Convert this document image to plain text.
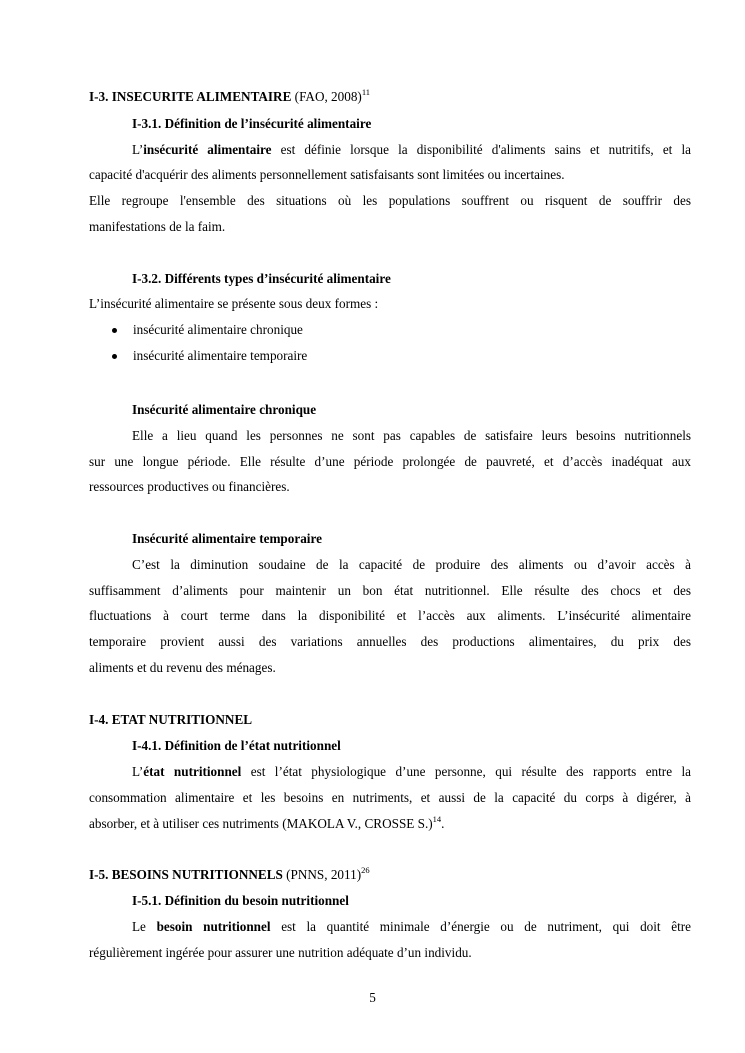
I-3. INSECURITE ALIMENTAIRE (FAO, 2008)$^{11}$
I-3.1. Définition de l’insécurité alimentaire
L’insécurité alimentaire est définie lorsque la disponibilité d'aliments sains et nutritifs, et la
capacité d'acquérir des aliments personnellement satisfaisants sont limitées ou incertaines.
Elle regroupe l'ensemble des situations où les populations souffrent ou risquent de souffrir des
manifestations de la faim.
I-3.2. Différents types d’insécurité alimentaire
L’insécurité alimentaire se présente sous deux formes :
insécurité alimentaire chronique
insécurité alimentaire temporaire
Insécurité alimentaire chronique
Elle a lieu quand les personnes ne sont pas capables de satisfaire leurs besoins nutritionnels
sur une longue période. Elle résulte d’une période prolongée de pauvreté, et d’accès inadéquat aux
ressources productives ou financières.
Insécurité alimentaire temporaire
C’est la diminution soudaine de la capacité de produire des aliments ou d’avoir accès à
suffisamment d’aliments pour maintenir un bon état nutritionnel. Elle résulte des chocs et des
fluctuations à court terme dans la disponibilité et l’accès aux aliments. L’insécurité alimentaire
temporaire provient aussi des variations annuelles des productions alimentaires, du prix des
aliments et du revenu des ménages.
I-4. ETAT NUTRITIONNEL
I-4.1. Définition de l’état nutritionnel
L’état nutritionnel est l’état physiologique d’une personne, qui résulte des rapports entre la
consommation alimentaire et les besoins en nutriments, et aussi de la capacité du corps à digérer, à
absorber, et à utiliser ces nutriments (MAKOLA V., CROSSE S.)$^{14}$.
I-5. BESOINS NUTRITIONNELS (PNNS, 2011)$^{26}$
I-5.1. Définition du besoin nutritionnel
Le besoin nutritionnel est la quantité minimale d’énergie ou de nutriment, qui doit être
régulièrement ingérée pour assurer une nutrition adéquate d’un individu.
5
